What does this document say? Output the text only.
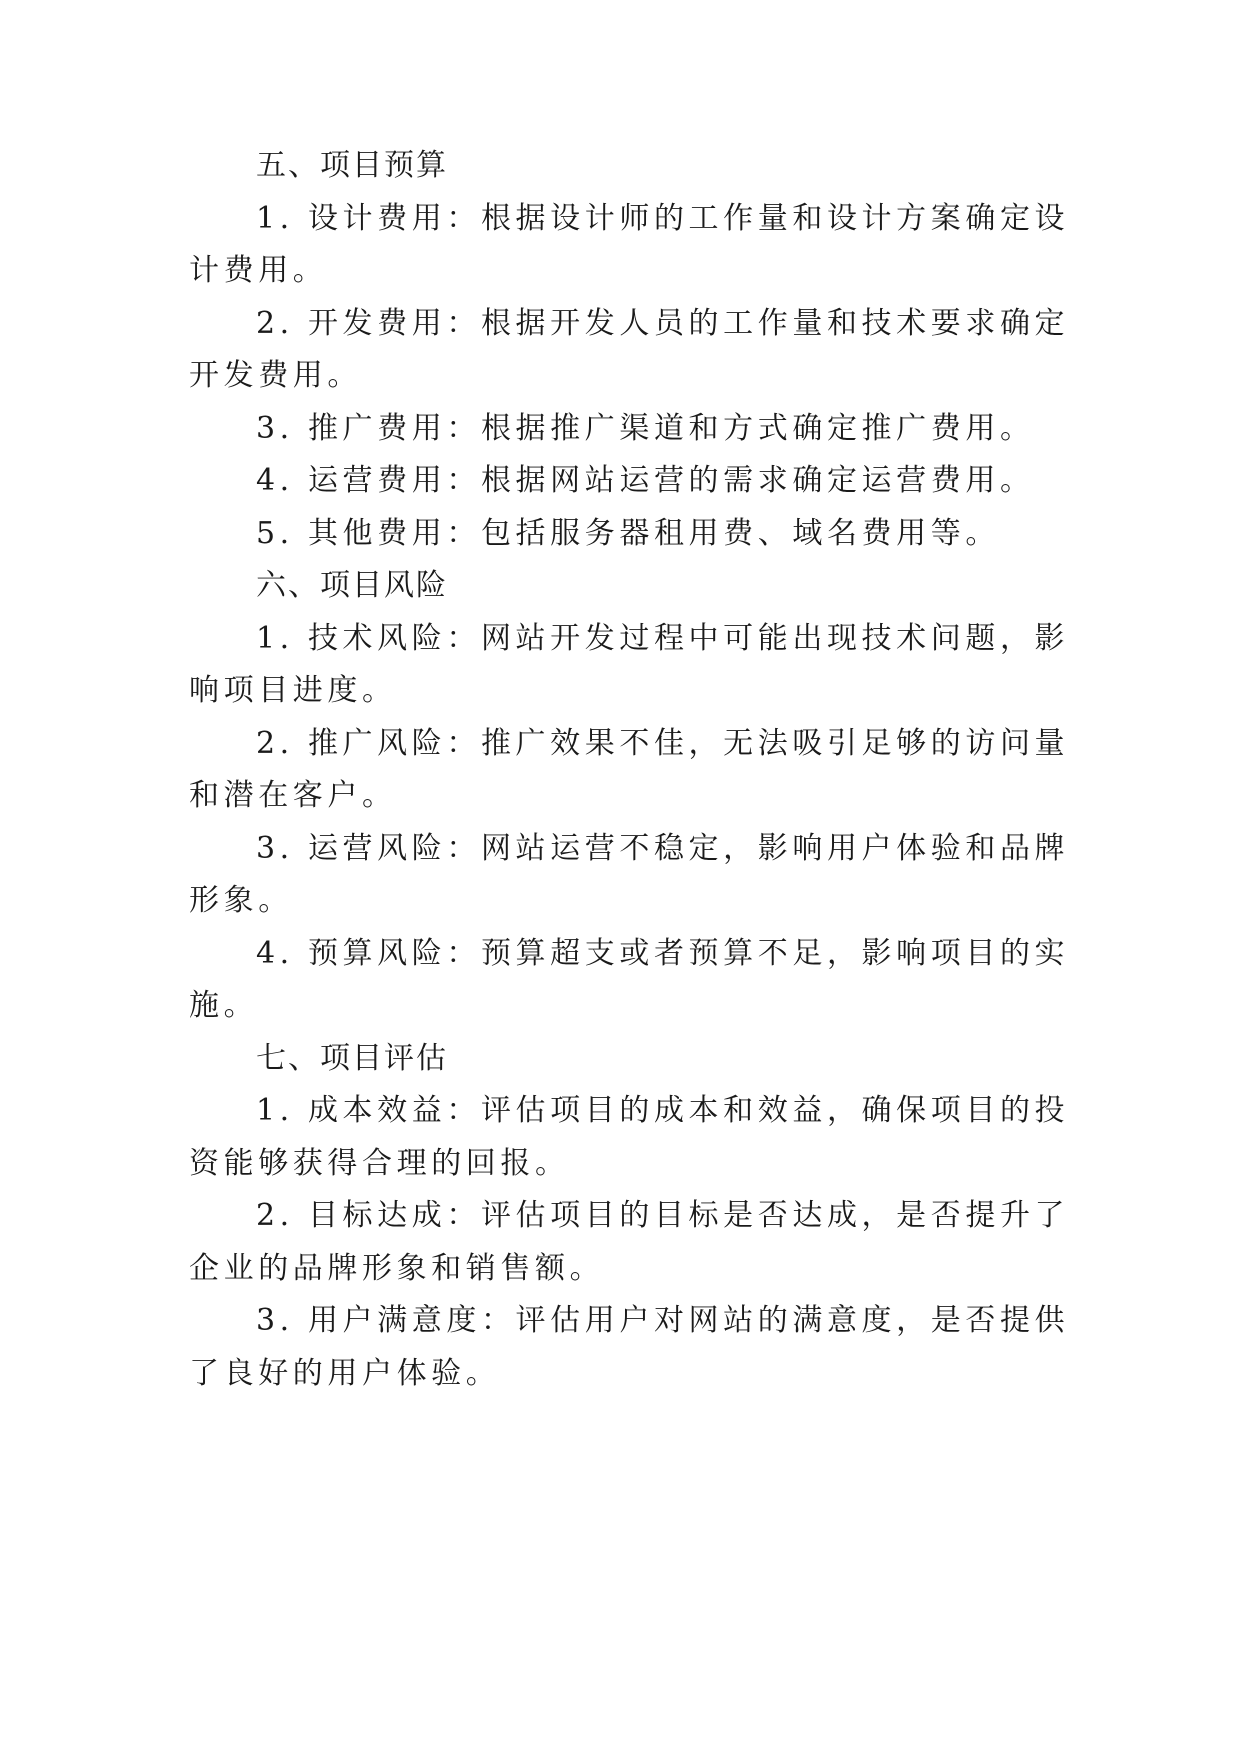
五、项目预算

1. 设计费用：根据设计师的工作量和设计方案确定设

计费用。

2. 开发费用：根据开发人员的工作量和技术要求确定

开发费用。

3. 推广费用：根据推广渠道和方式确定推广费用。

4. 运营费用：根据网站运营的需求确定运营费用。

5. 其他费用：包括服务器租用费、域名费用等。

六、项目风险

1. 技术风险：网站开发过程中可能出现技术问题，影

响项目进度。

2. 推广风险：推广效果不佳，无法吸引足够的访问量

和潜在客户。

3. 运营风险：网站运营不稳定，影响用户体验和品牌

形象。

4. 预算风险：预算超支或者预算不足，影响项目的实

施。

七、项目评估

1. 成本效益：评估项目的成本和效益，确保项目的投

资能够获得合理的回报。

2. 目标达成：评估项目的目标是否达成，是否提升了

企业的品牌形象和销售额。

3. 用户满意度：评估用户对网站的满意度，是否提供

了良好的用户体验。
